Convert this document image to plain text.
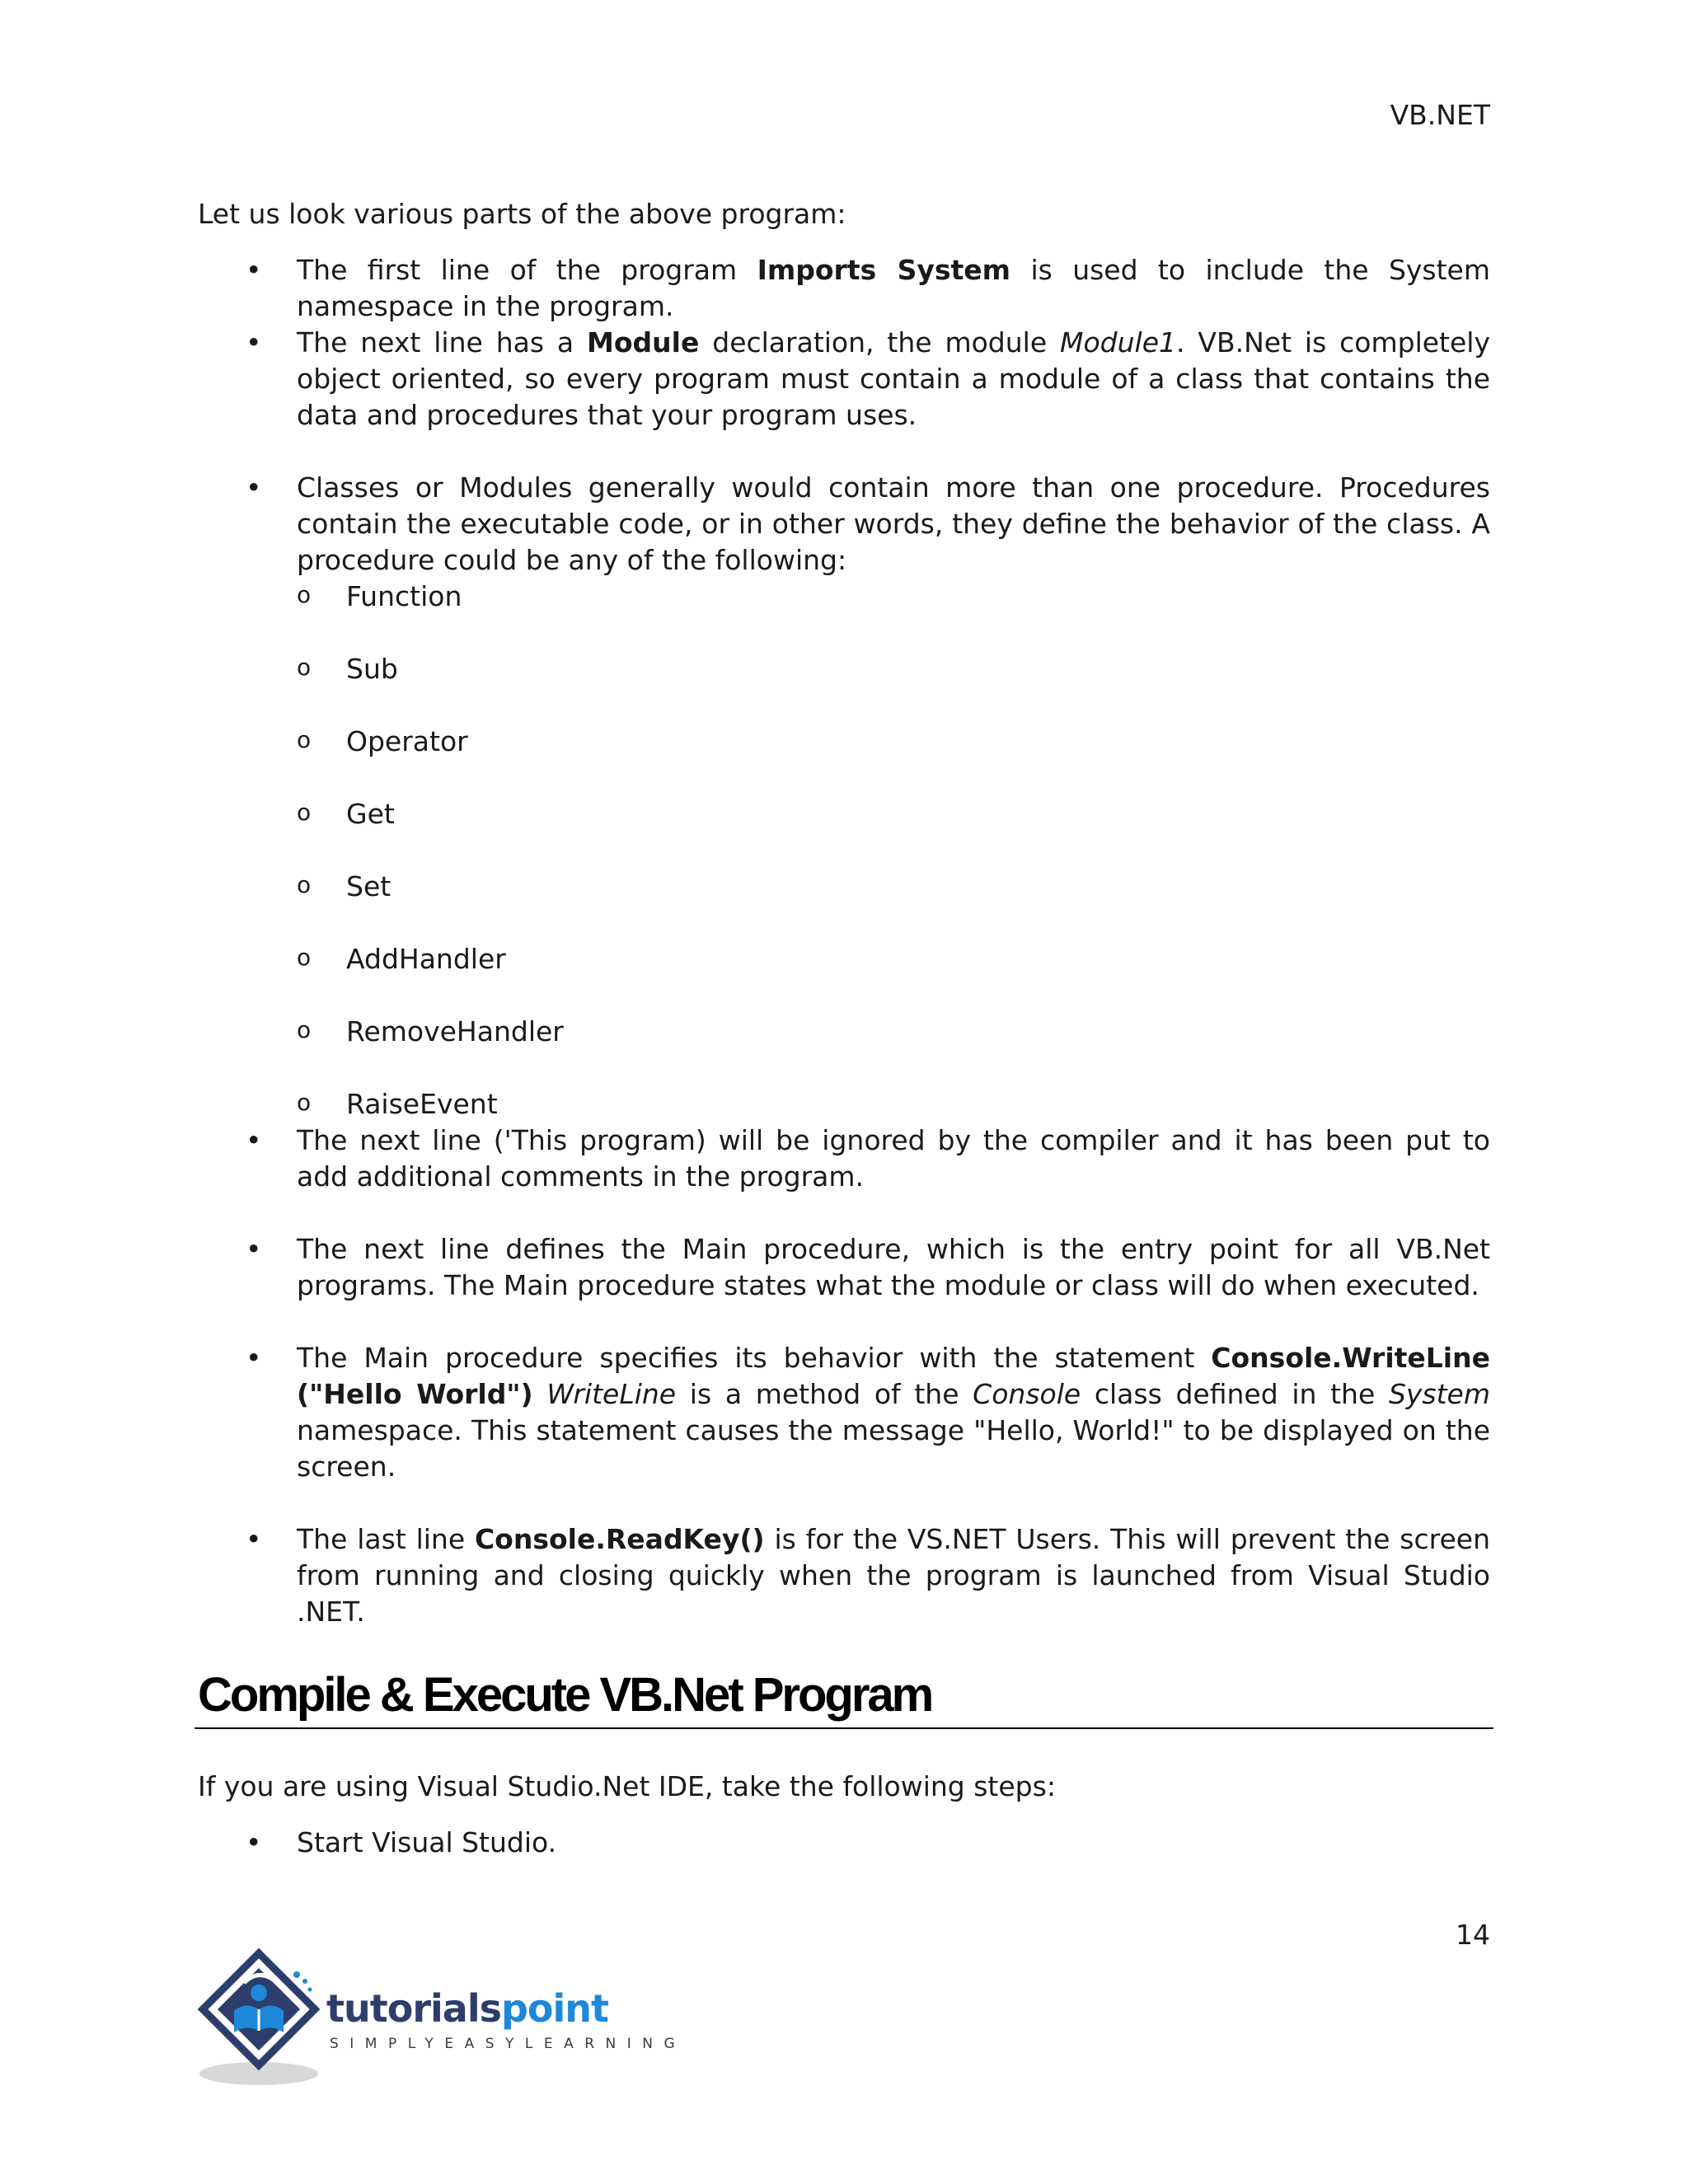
VB.NET

Let us look various parts of the above program:

• The first line of the program Imports System is used to include the System namespace in the program.
• The next line has a Module declaration, the module Module1. VB.Net is completely object oriented, so every program must contain a module of a class that contains the data and procedures that your program uses.
• Classes or Modules generally would contain more than one procedure. Procedures contain the executable code, or in other words, they define the behavior of the class. A procedure could be any of the following:
o Function
o Sub
o Operator
o Get
o Set
o AddHandler
o RemoveHandler
o RaiseEvent
• The next line ('This program) will be ignored by the compiler and it has been put to add additional comments in the program.
• The next line defines the Main procedure, which is the entry point for all VB.Net programs. The Main procedure states what the module or class will do when executed.
• The Main procedure specifies its behavior with the statement Console.WriteLine ("Hello World") WriteLine is a method of the Console class defined in the System namespace. This statement causes the message "Hello, World!" to be displayed on the screen.
• The last line Console.ReadKey() is for the VS.NET Users. This will prevent the screen from running and closing quickly when the program is launched from Visual Studio .NET.
Compile & Execute VB.Net Program

If you are using Visual Studio.Net IDE, take the following steps:

• Start Visual Studio.
14
tutorialspoint
SIMPLYEASYLEARNING
